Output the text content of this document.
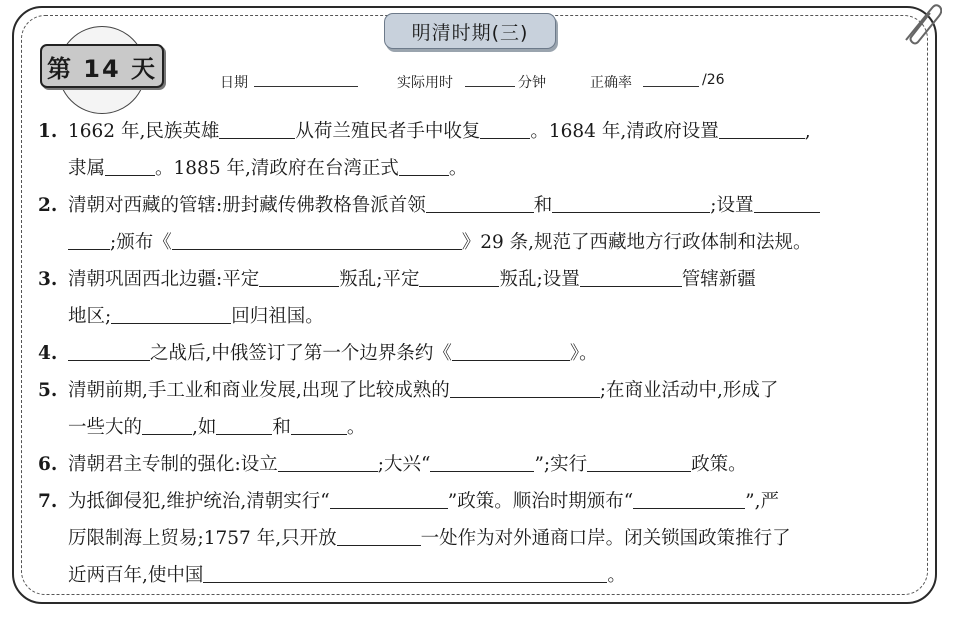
明清时期(三)
第 14 天
日期	实际用时	分钟	正确率	/26
1. 1662 年,民族英雄	从荷兰殖民者手中收复	。1684 年,清政府设置	,
隶属	。1885 年,清政府在台湾正式	。
2. 清朝对西藏的管辖:册封藏传佛教格鲁派首领	和	;设置
;颁布《	》29 条,规范了西藏地方行政体制和法规。
3. 清朝巩固西北边疆:平定	叛乱;平定	叛乱;设置	管辖新疆
地区;	回归祖国。
4.	之战后,中俄签订了第一个边界条约《	》。
5. 清朝前期,手工业和商业发展,出现了比较成熟的	;在商业活动中,形成了
一些大的	,如	和	。
6. 清朝君主专制的强化:设立	;大兴“	”;实行	政策。
7. 为抵御侵犯,维护统治,清朝实行“	”政策。顺治时期颁布“	”,严
厉限制海上贸易;1757 年,只开放	一处作为对外通商口岸。闭关锁国政策推行了
近两百年,使中国	。
